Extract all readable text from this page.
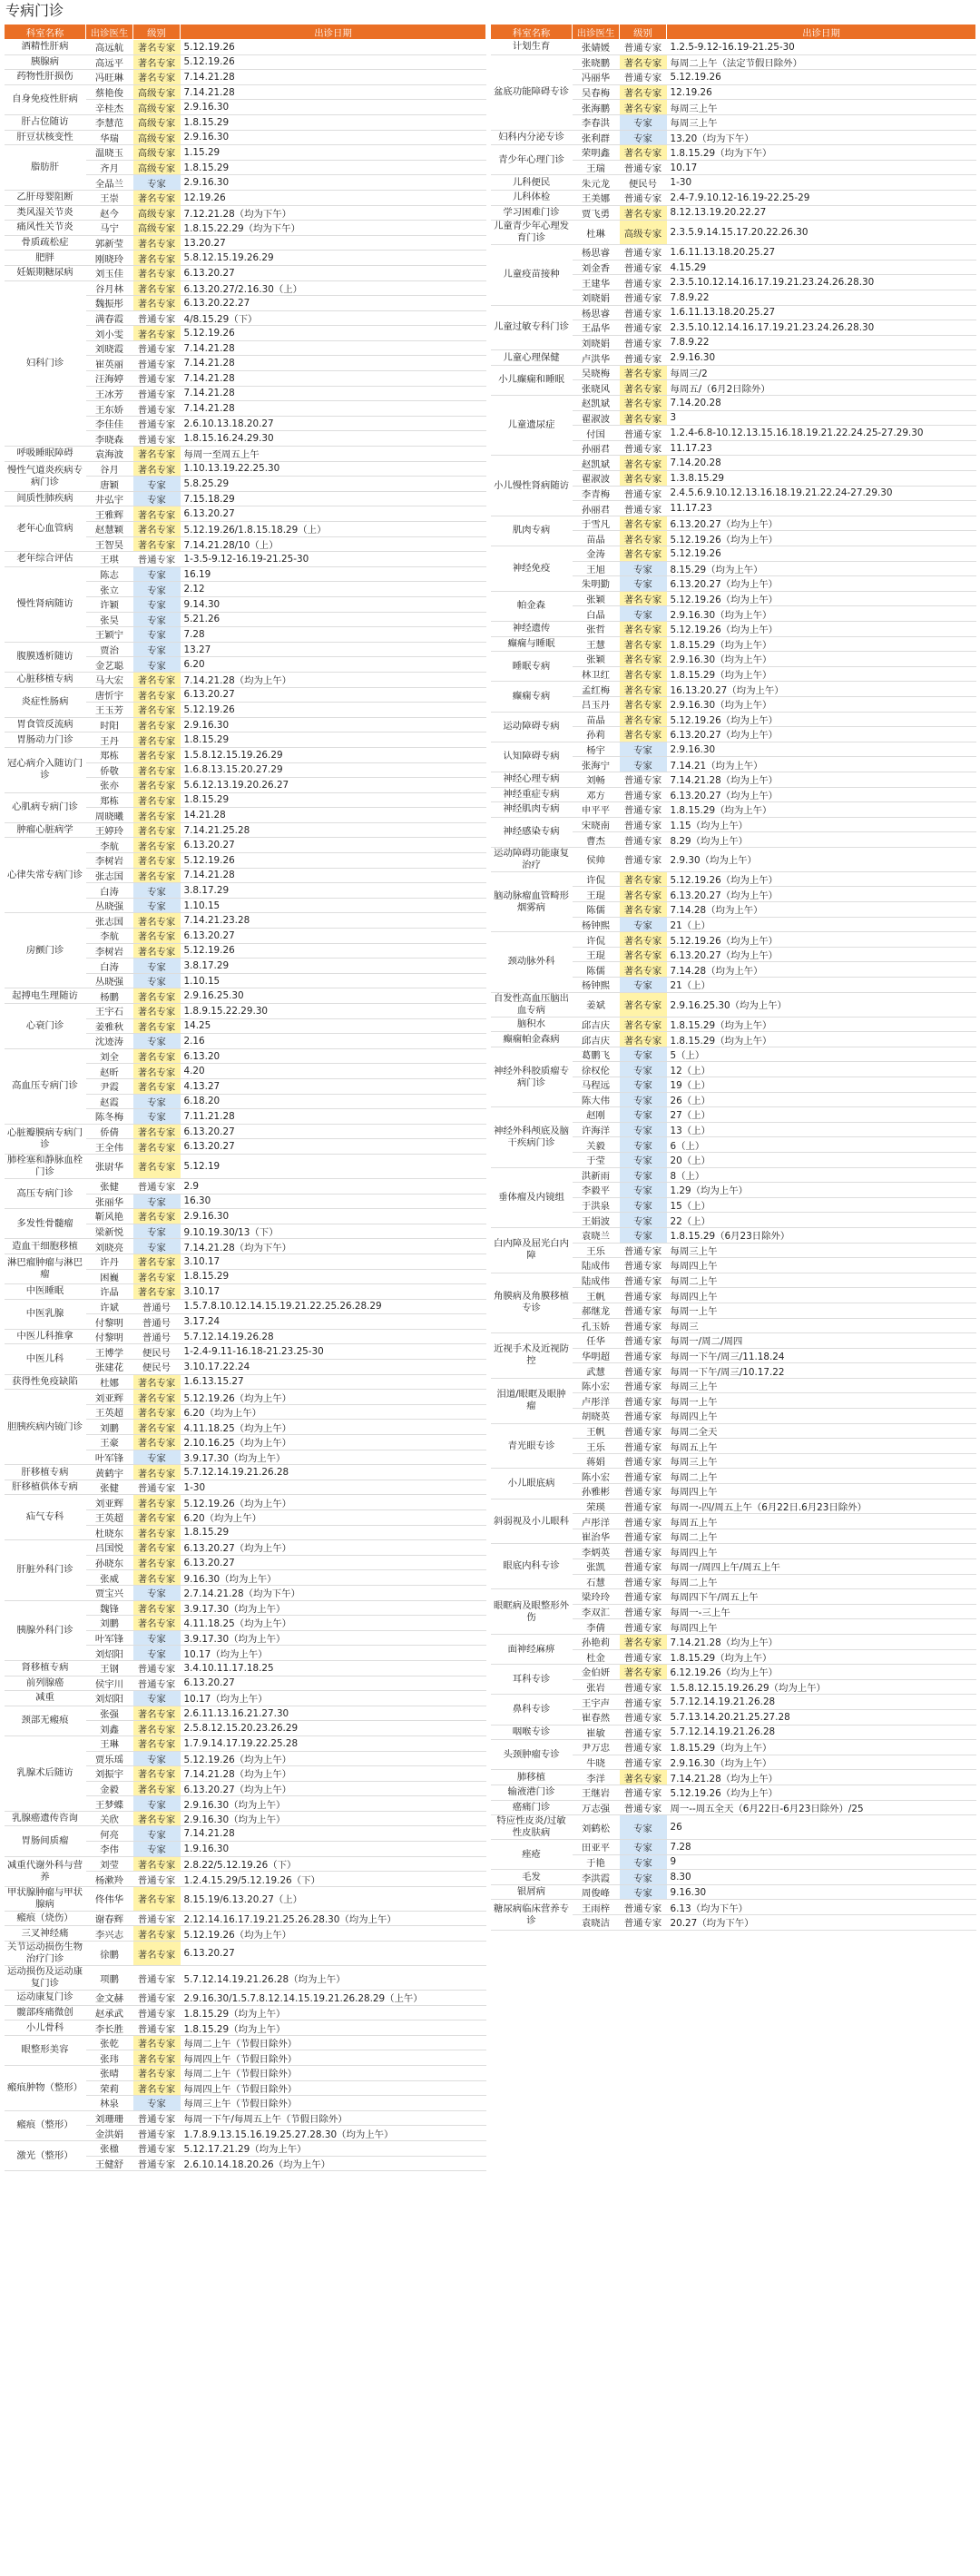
专病门诊
科室名称	出诊医生	级别	出诊日期
酒精性肝病	高远航	著名专家	5.12.19.26
胰腺病	高远平	著名专家	5.12.19.26
药物性肝损伤	冯旺琳	著名专家	7.14.21.28
自身免疫性肝病	蔡艳俊	高级专家	7.14.21.28
	辛桂杰	高级专家	2.9.16.30
肝占位随访	李慧范	高级专家	1.8.15.29
肝豆状核变性	华瑞	高级专家	2.9.16.30
脂肪肝	温晓玉	高级专家	1.15.29
	齐月	高级专家	1.8.15.29
	全晶兰	专家	2.9.16.30
乙肝母婴阻断	王崇	著名专家	12.19.26
类风湿关节炎	赵今	高级专家	7.12.21.28（均为下午）
痛风性关节炎	马宁	高级专家	1.8.15.22.29（均为下午）
骨质疏松症	郭新莹	著名专家	13.20.27
肥胖	刚晓玲	著名专家	5.8.12.15.19.26.29
妊娠期糖尿病	刘玉佳	著名专家	6.13.20.27
妇科门诊	谷月林	著名专家	6.13.20.27/2.16.30（上）
	魏振彤	著名专家	6.13.20.22.27
	满春霞	普通专家	4/8.15.29（下）
	刘小雯	著名专家	5.12.19.26
	刘晓霞	普通专家	7.14.21.28
	崔英丽	普通专家	7.14.21.28
	汪海婷	普通专家	7.14.21.28
	王冰芳	普通专家	7.14.21.28
	王东娇	普通专家	7.14.21.28
	李佳佳	普通专家	2.6.10.13.18.20.27
	李晓森	普通专家	1.8.15.16.24.29.30
呼吸睡眠障碍	袁海波	著名专家	每周一至周五上午
慢性气道炎疾病专病门诊	谷月	著名专家	1.10.13.19.22.25.30
	唐颖	专家	5.8.25.29
间质性肺疾病	井弘宇	专家	7.15.18.29
老年心血管病	王雅辉	著名专家	6.13.20.27
	赵慧颖	著名专家	5.12.19.26/1.8.15.18.29（上）
	王智昊	著名专家	7.14.21.28/10（上）
老年综合评估	王琪	普通专家	1-3.5-9.12-16.19-21.25-30
慢性肾病随访	陈志	专家	16.19
	张立	专家	2.12
	许颖	专家	9.14.30
	张昊	专家	5.21.26
	王颖宁	专家	7.28
腹膜透析随访	贾治	专家	13.27
	金艺聪	专家	6.20
心脏移植专病	马大宏	著名专家	7.14.21.28（均为上午）
炎症性肠病	唐忻宇	著名专家	6.13.20.27
	王玉芳	著名专家	5.12.19.26
胃食管反流病	时阳	著名专家	2.9.16.30
胃肠动力门诊	王丹	著名专家	1.8.15.29
冠心病介入随访门诊	郑栋	著名专家	1.5.8.12.15.19.26.29
	侨敬	著名专家	1.6.8.13.15.20.27.29
	张亦	著名专家	5.6.12.13.19.20.26.27
心肌病专病门诊	郑栋	著名专家	1.8.15.29
	周晓曦	著名专家	14.21.28
肿瘤心脏病学	王婷玲	著名专家	7.14.21.25.28
心律失常专病门诊	李航	著名专家	6.13.20.27
	李树岩	著名专家	5.12.19.26
	张志国	著名专家	7.14.21.28
	白涛	专家	3.8.17.29
	丛晓强	专家	1.10.15
房颤门诊	张志国	著名专家	7.14.21.23.28
	李航	著名专家	6.13.20.27
	李树岩	著名专家	5.12.19.26
	白涛	专家	3.8.17.29
	丛晓强	专家	1.10.15
起搏电生理随访	杨鹏	著名专家	2.9.16.25.30
心衰门诊	王宇石	著名专家	1.8.9.15.22.29.30
	姜雅秋	著名专家	14.25
	沈迹涛	专家	2.16
高血压专病门诊	刘全	著名专家	6.13.20
	赵昕	著名专家	4.20
	尹霞	著名专家	4.13.27
	赵霞	专家	6.18.20
	陈冬梅	专家	7.11.21.28
心脏瓣膜病专病门诊	侨倩	著名专家	6.13.20.27
	王全伟	著名专家	6.13.20.27
肺栓塞和静脉血栓门诊	张尉华	著名专家	5.12.19
高压专病门诊	张健	普通专家	2.9
	张丽华	专家	16.30
多发性骨髓瘤	靳风艳	著名专家	2.9.16.30
	梁新悦	专家	9.10.19.30/13（下）
造血干细胞移植	刘晓亮	专家	7.14.21.28（均为下午）
淋巴瘤肿瘤与淋巴瘤	许丹	著名专家	3.10.17
	困巍	著名专家	1.8.15.29
中医睡眠	许晶	著名专家	3.10.17
中医乳腺	许斌	普通号	1.5.7.8.10.12.14.15.19.21.22.25.26.28.29
	付黎明	普通号	3.17.24
中医儿科推拿	付黎明	普通号	5.7.12.14.19.26.28
中医儿科	王博学	便民号	1-2.4-9.11-16.18-21.23.25-30
	张建花	便民号	3.10.17.22.24
获得性免疫缺陷	杜娜	著名专家	1.6.13.15.27
胆胰疾病内镜门诊	刘亚辉	著名专家	5.12.19.26（均为上午）
	王英超	著名专家	6.20（均为上午）
	刘鹏	著名专家	4.11.18.25（均为上午）
	王豪	著名专家	2.10.16.25（均为上午）
	叶军锋	专家	3.9.17.30（均为上午）
肝移植专病	黄鹤宇	著名专家	5.7.12.14.19.21.26.28
肝移植供体专病	张健	普通专家	1-30
疝气专科	刘亚辉	著名专家	5.12.19.26（均为上午）
	王英超	著名专家	6.20（均为上午）
	杜晓东	著名专家	1.8.15.29
肝脏外科门诊	吕国悦	著名专家	6.13.20.27（均为上午）
	孙晓东	著名专家	6.13.20.27
	张威	著名专家	9.16.30（均为上午）
	贾宝兴	专家	2.7.14.21.28（均为下午）
胰腺外科门诊	魏锋	著名专家	3.9.17.30（均为上午）
	刘鹏	著名专家	4.11.18.25（均为上午）
	叶军锋	专家	3.9.17.30（均为上午）
	刘炤阳	专家	10.17（均为上午）
肾移植专病	王钢	普通专家	3.4.10.11.17.18.25
前列腺癌	侯宇川	普通专家	6.13.20.27
减重	刘炤阳	专家	10.17（均为上午）
颈部无瘢痕	张强	著名专家	2.6.11.13.16.21.27.30
	刘鑫	著名专家	2.5.8.12.15.20.23.26.29
乳腺术后随访	王琳	著名专家	1.7.9.14.17.19.22.25.28
	贾乐瑶	专家	5.12.19.26（均为上午）
	刘振宇	著名专家	7.14.21.28（均为上午）
	金毅	著名专家	6.13.20.27（均为上午）
	王梦蝶	专家	2.9.16.30（均为上午）
乳腺癌遗传咨询	关欣	著名专家	2.9.16.30（均为上午）
胃肠间质瘤	何亮	专家	7.14.21.28
	李伟	专家	1.9.16.30
减重代谢外科与营养	刘莹	著名专家	2.8.22/5.12.19.26（下）
	杨漱羚	普通专家	1.2.4.15.29/5.12.19.26（下）
甲状腺肿瘤与甲状腺病	佟伟华	著名专家	8.15.19/6.13.20.27（上）
瘢痕（烧伤）	谢春辉	普通专家	2.12.14.16.17.19.21.25.26.28.30（均为上午）
三叉神经痛	李兴志	著名专家	5.12.19.26（均为上午）
关节运动损伤生物治疗门诊	徐鹏	著名专家	6.13.20.27
运动损伤及运动康复门诊	项鹏	普通专家	5.7.12.14.19.21.26.28（均为上午）
运动康复门诊	金文赫	普通专家	2.9.16.30/1.5.7.8.12.14.15.19.21.26.28.29（上午）
髋部疼痛微创	赵承武	普通专家	1.8.15.29（均为上午）
小儿骨科	李长胜	普通专家	1.8.15.29（均为上午）
眼整形美容	张乾	著名专家	每周二上午（节假日除外）
	张玮	著名专家	每周四上午（节假日除外）
瘢痕肿物（整形）	张晴	著名专家	每周二上午（节假日除外）
	荣莉	著名专家	每周四上午（节假日除外）
	林泉	专家	每周三上午（节假日除外）
瘢痕（整形）	刘珊珊	普通专家	每周一下午/每周五上午（节假日除外）
	金洪娟	普通专家	1.7.8.9.13.15.16.19.25.27.28.30（均为上午）
激光（整形）	张楹	普通专家	5.12.17.21.29（均为上午）
	王健舒	普通专家	2.6.10.14.18.20.26（均为上午）
科室名称	出诊医生	级别	出诊日期
计划生育	张婧媛	普通专家	1.2.5-9.12-16.19-21.25-30
盆底功能障碍专诊	张晓鹏	著名专家	每周二上午（法定节假日除外）
	冯丽华	普通专家	5.12.19.26
	吴春梅	著名专家	12.19.26
	张海鹏	著名专家	每周三上午
	李春洪	专家	每周三上午
妇科内分泌专诊	张利群	专家	13.20（均为下午）
青少年心理门诊	荣明鑫	著名专家	1.8.15.29（均为下午）
	王瑞	普通专家	10.17
儿科便民	朱元龙	便民号	1-30
儿科体检	王美娜	普通专家	2.4-7.9.10.12-16.19-22.25-29
学习困难门诊	贾飞勇	著名专家	8.12.13.19.20.22.27
儿童青少年心理发育门诊	杜琳	高级专家	2.3.5.9.14.15.17.20.22.26.30
儿童疫苗接种	杨思睿	普通专家	1.6.11.13.18.20.25.27
	刘金香	普通专家	4.15.29
	王建华	普通专家	2.3.5.10.12.14.16.17.19.21.23.24.26.28.30
	刘晓娟	普通专家	7.8.9.22
儿童过敏专科门诊	杨思睿	普通专家	1.6.11.13.18.20.25.27
	王晶华	普通专家	2.3.5.10.12.14.16.17.19.21.23.24.26.28.30
	刘晓娟	普通专家	7.8.9.22
儿童心理保健	卢洪华	普通专家	2.9.16.30
小儿癫痫和睡眠	吴晓梅	著名专家	每周三/2
	张晓风	著名专家	每周五/（6月2日除外）
儿童遗尿症	赵凯斌	著名专家	7.14.20.28
	翟淑波	著名专家	3
	付国	普通专家	1.2.4-6.8-10.12.13.15.16.18.19.21.22.24.25-27.29.30
	孙丽君	普通专家	11.17.23
小儿慢性肾病随访	赵凯斌	著名专家	7.14.20.28
	翟淑波	著名专家	1.3.8.15.29
	李青梅	普通专家	2.4.5.6.9.10.12.13.16.18.19.21.22.24-27.29.30
	孙丽君	普通专家	11.17.23
肌肉专病	于雪凡	著名专家	6.13.20.27（均为上午）
	苗晶	著名专家	5.12.19.26（均为上午）
神经免疫	金涛	著名专家	5.12.19.26
	王旭	专家	8.15.29（均为上午）
	朱明勤	专家	6.13.20.27（均为上午）
帕金森	张颖	著名专家	5.12.19.26（均为上午）
	白晶	专家	2.9.16.30（均为上午）
神经遗传	张哲	著名专家	5.12.19.26（均为上午）
癫痫与睡眠	王慧	著名专家	1.8.15.29（均为上午）
睡眠专病	张颖	著名专家	2.9.16.30（均为上午）
	林卫红	著名专家	1.8.15.29（均为上午）
癫痫专病	孟红梅	著名专家	16.13.20.27（均为上午）
	吕玉丹	著名专家	2.9.16.30（均为上午）
运动障碍专病	苗晶	著名专家	5.12.19.26（均为上午）
	孙莉	著名专家	6.13.20.27（均为上午）
认知障碍专病	杨宇	专家	2.9.16.30
	张海宁	专家	7.14.21（均为上午）
神经心理专病	刘畅	普通专家	7.14.21.28（均为上午）
神经重症专病	邓方	普通专家	6.13.20.27（均为上午）
神经肌肉专病	申平平	普通专家	1.8.15.29（均为上午）
神经感染专病	宋晓南	普通专家	1.15（均为上午）
	曹杰	普通专家	8.29（均为上午）
运动障碍功能康复治疗	侯帅	普通专家	2.9.30（均为上午）
脑动脉瘤血管畸形烟雾病	许侃	著名专家	5.12.19.26（均为上午）
	王琨	著名专家	6.13.20.27（均为上午）
	陈儒	著名专家	7.14.28（均为上午）
	杨钟熙	专家	21（上）
颈动脉外科	许侃	著名专家	5.12.19.26（均为上午）
	王琨	著名专家	6.13.20.27（均为上午）
	陈儒	著名专家	7.14.28（均为上午）
	杨钟熙	专家	21（上）
自发性高血压脑出血专病	姜斌	著名专家	2.9.16.25.30（均为上午）
脑积水	邱吉庆	著名专家	1.8.15.29（均为上午）
癫痫帕金森病	邱吉庆	著名专家	1.8.15.29（均为上午）
神经外科胶质瘤专病门诊	葛鹏飞	专家	5（上）
	徐权伦	专家	12（上）
	马程远	专家	19（上）
	陈大伟	专家	26（上）
神经外科颅底及脑干疾病门诊	赵刚	专家	27（上）
	许海洋	专家	13（上）
	关毅	专家	6（上）
	于莹	专家	20（上）
垂体瘤及内镜组	洪新雨	专家	8（上）
	李毅平	专家	1.29（均为上午）
	于洪泉	专家	15（上）
	王娟波	专家	22（上）
白内障及屈光白内障	袁晓兰	专家	1.8.15.29（6月23日除外）
	王乐	普通专家	每周三上午
	陆成伟	普通专家	每周四上午
角膜病及角膜移植专诊	陆成伟	普通专家	每周二上午
	王帆	普通专家	每周四上午
	郝继龙	普通专家	每周一上午
	孔玉娇	普通专家	每周三
近视手术及近视防控	任华	普通专家	每周一/周二/周四
	华明超	普通专家	每周一下午/周三/11.18.24
	武慧	普通专家	每周一下午/周三/10.17.22
泪道/眼眶及眼肿瘤	陈小宏	普通专家	每周三上午
	卢彤洋	普通专家	每周一上午
	胡晓英	普通专家	每周四上午
青光眼专诊	王帆	普通专家	每周二全天
	王乐	普通专家	每周五上午
	蒋娟	普通专家	每周三上午
小儿眼底病	陈小宏	普通专家	每周二上午
	孙雅彬	普通专家	每周四上午
斜弱视及小儿眼科	荣瑛	普通专家	每周一-四/周五上午（6月22日.6月23日除外）
	卢彤洋	普通专家	每周五上午
	崔治华	普通专家	每周二上午
眼底内科专诊	李炳英	普通专家	每周四上午
	张凯	普通专家	每周一/周四上午/周五上午
	石慧	普通专家	每周二上午
眼眶病及眼整形外伤	梁玲玲	普通专家	每周四下午/周五上午
	李双汇	普通专家	每周一-三上午
	李倩	普通专家	每周四上午
面神经麻痹	孙艳莉	著名专家	7.14.21.28（均为上午）
	杜金	普通专家	1.8.15.29（均为上午）
耳科专诊	金伯妍	著名专家	6.12.19.26（均为上午）
	张岩	普通专家	1.5.8.12.15.19.26.29（均为上午）
鼻科专诊	王宇声	普通专家	5.7.12.14.19.21.26.28
	崔春然	普通专家	5.7.13.14.20.21.25.27.28
咽喉专诊	崔敏	普通专家	5.7.12.14.19.21.26.28
头颈肿瘤专诊	尹万忠	普通专家	1.8.15.29（均为上午）
	牛晓	普通专家	2.9.16.30（均为上午）
肺移植	李洋	著名专家	7.14.21.28（均为上午）
输液港门诊	王继岩	普通专家	5.12.19.26（均为上午）
癌痛门诊	万志强	普通专家	周一--周五全天（6月22日-6月23日除外）/25
特应性皮炎/过敏性皮肤病	刘鹤松	专家	26
痤疮	田亚平	专家	7.28
	于艳	专家	9
毛发	李洪霞	专家	8.30
银屑病	周俊峰	专家	9.16.30
糖尿病临床营养专诊	王雨梓	普通专家	6.13（均为下午）
	袁晓洁	普通专家	20.27（均为下午）
